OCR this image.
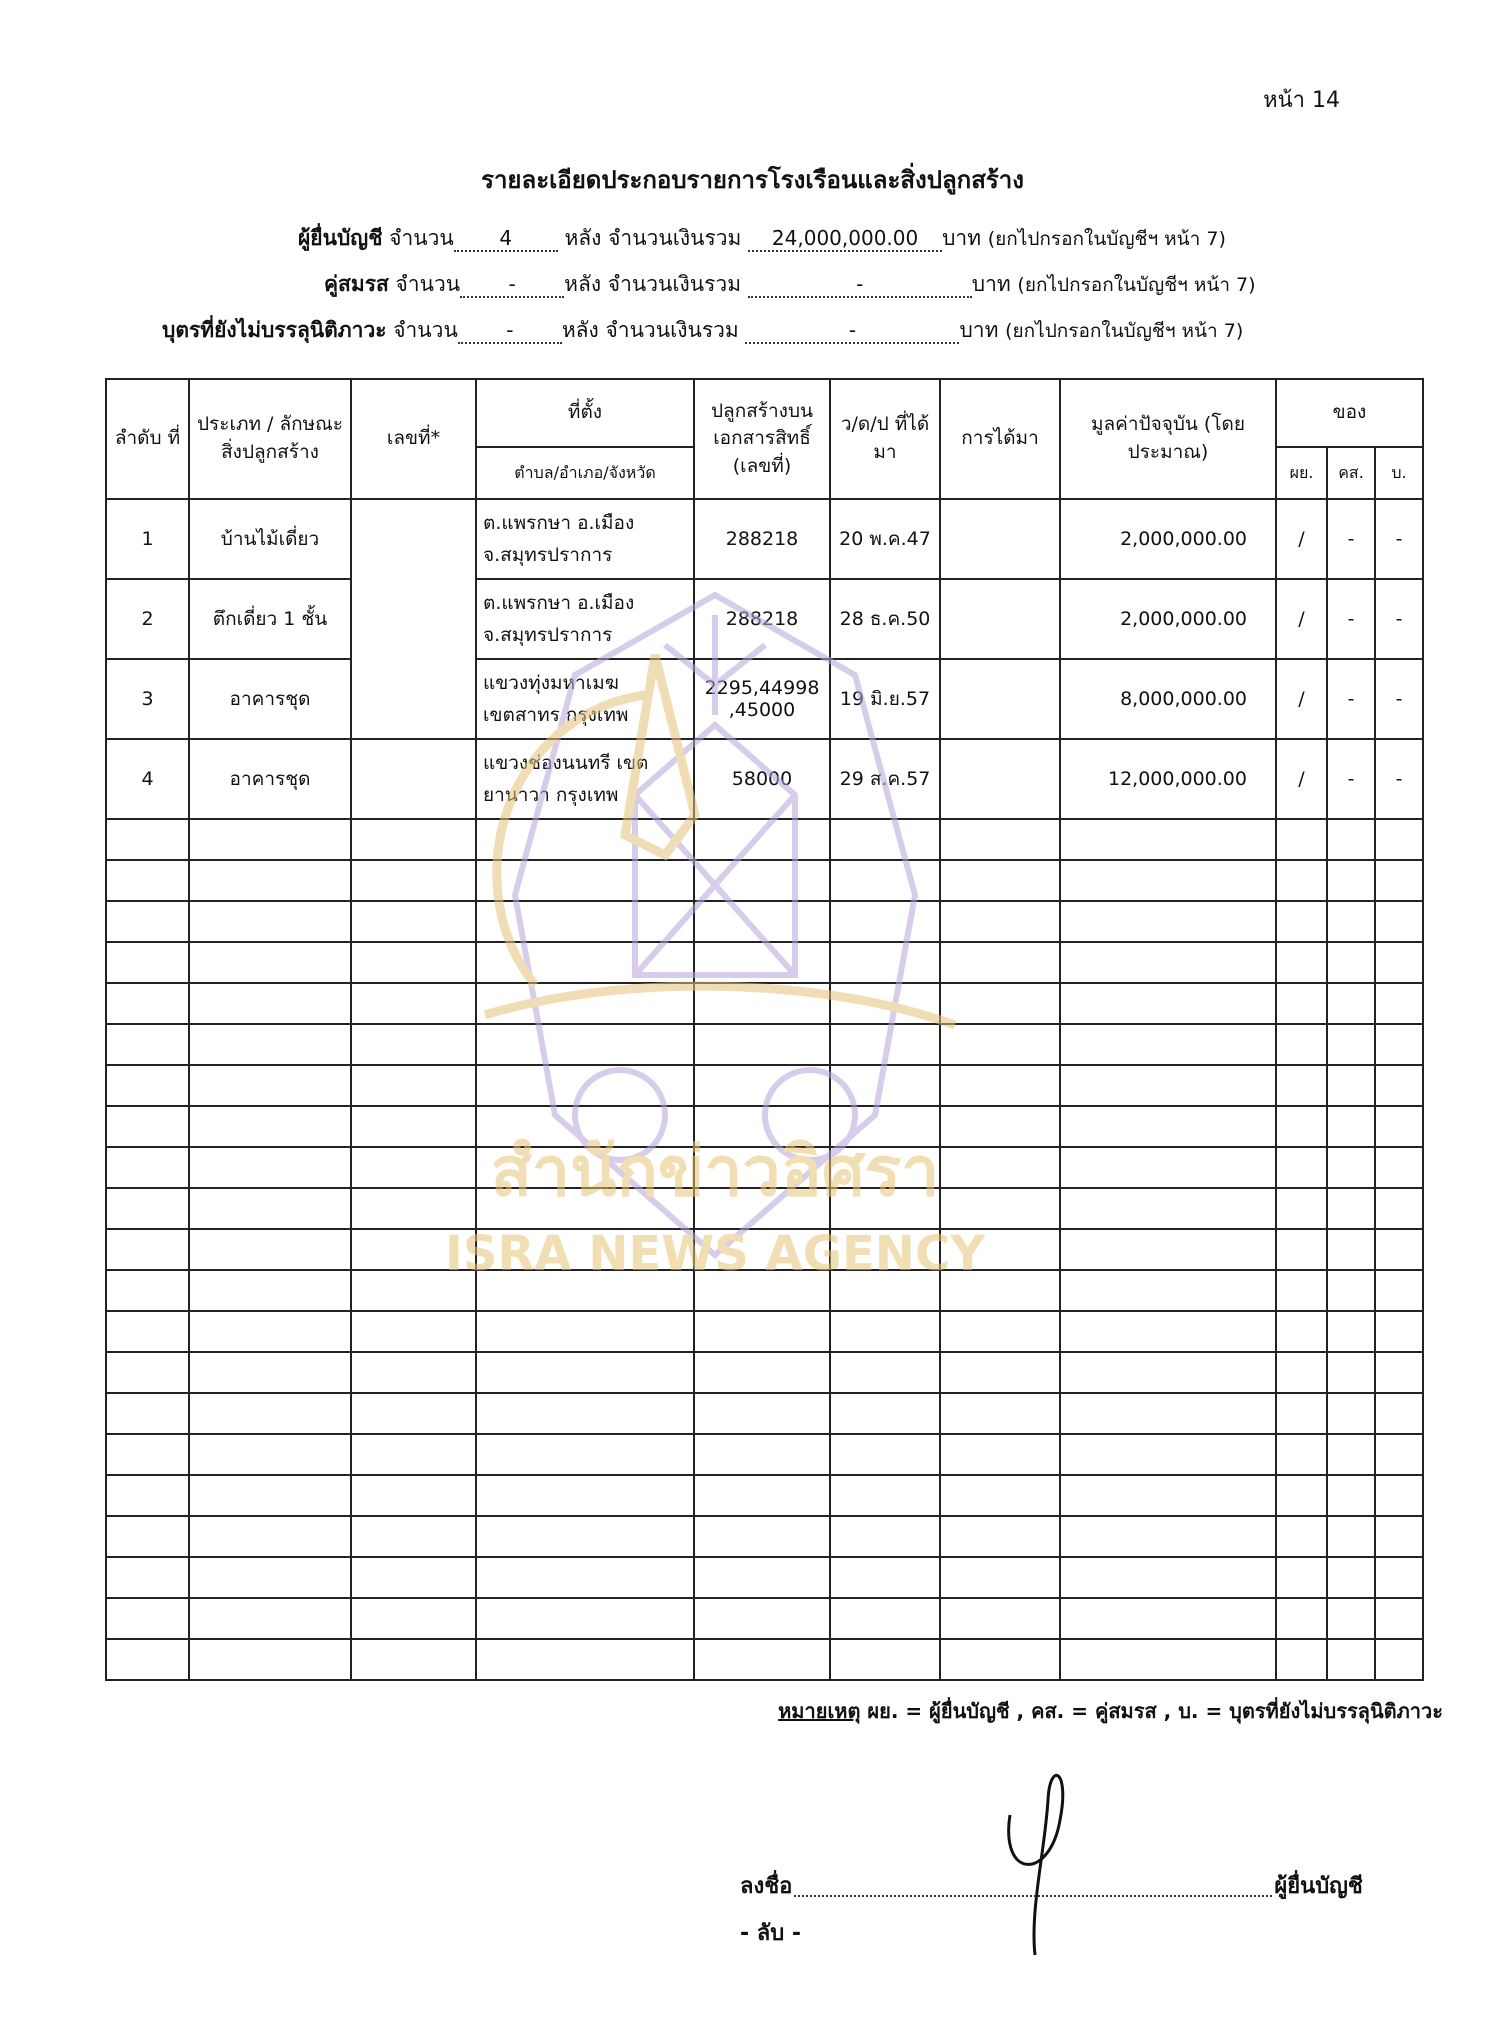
หน้า 14
รายละเอียดประกอบรายการโรงเรือนและสิ่งปลูกสร้าง
ผู้ยื่นบัญชี จำนวน 4 หลัง จำนวนเงินรวม 24,000,000.00 บาท (ยกไปกรอกในบัญชีฯ หน้า 7)
คู่สมรส จำนวน - หลัง จำนวนเงินรวม	-	บาท (ยกไปกรอกในบัญชีฯ หน้า 7)
บุตรที่ยังไม่บรรลุนิติภาวะ จำนวน - หลัง จำนวนเงินรวม	-	บาท (ยกไปกรอกในบัญชีฯ หน้า 7)
ลำดับ ที่	ประเภท / ลักษณะ สิ่งปลูกสร้าง	เลขที่*	ที่ตั้ง	ปลูกสร้างบน เอกสารสิทธิ์ (เลขที่)	ว/ด/ป ที่ได้มา	การได้มา	มูลค่าปัจจุบัน (โดยประมาณ)	ของ		
			ตำบล/อำเภอ/จังหวัด					ผย.	คส.	บ.
1	บ้านไม้เดี่ยว		ต.แพรกษา อ.เมือง
จ.สมุทรปราการ	288218	20 พ.ค.47		2,000,000.00	/	-	-
2	ตึกเดี่ยว 1 ชั้น		ต.แพรกษา อ.เมือง
จ.สมุทรปราการ	288218	28 ธ.ค.50		2,000,000.00	/	-	-
3	อาคารชุด		แขวงทุ่งมหาเมฆ
เขตสาทร กรุงเทพ	2295,44998 ,45000	19 มิ.ย.57		8,000,000.00	/	-	-
4	อาคารชุด		แขวงช่องนนทรี เขต
ยานาวา กรุงเทพ	58000	29 ส.ค.57		12,000,000.00	/	-	-

หมายเหตุ ผย. = ผู้ยื่นบัญชี , คส. = คู่สมรส , บ. = บุตรที่ยังไม่บรรลุนิติภาวะ
สำนักข่าวอิศรา
ISRA NEWS AGENCY
ลงชื่อ	ผู้ยื่นบัญชี
- ลับ -
